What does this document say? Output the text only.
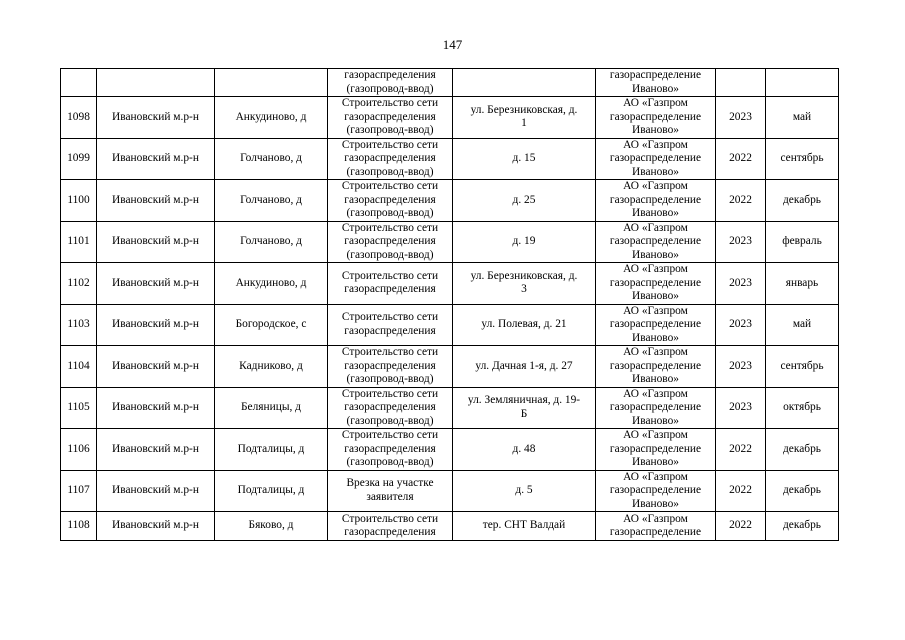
147

			газораспределения
(газопровод-ввод)		газораспределение
Иваново»		

1098	Ивановский м.р-н	Анкудиново, д	Строительство сети
газораспределения
(газопровод-ввод)	ул. Березниковская, д.
1	АО «Газпром
газораспределение
Иваново»	2023	май

1099	Ивановский м.р-н	Голчаново, д	Строительство сети
газораспределения
(газопровод-ввод)	д. 15	АО «Газпром
газораспределение
Иваново»	2022	сентябрь

1100	Ивановский м.р-н	Голчаново, д	Строительство сети
газораспределения
(газопровод-ввод)	д. 25	АО «Газпром
газораспределение
Иваново»	2022	декабрь

1101	Ивановский м.р-н	Голчаново, д	Строительство сети
газораспределения
(газопровод-ввод)	д. 19	АО «Газпром
газораспределение
Иваново»	2023	февраль

1102	Ивановский м.р-н	Анкудиново, д	Строительство сети
газораспределения	ул. Березниковская, д.
3	АО «Газпром
газораспределение
Иваново»	2023	январь

1103	Ивановский м.р-н	Богородское, с	Строительство сети
газораспределения	ул. Полевая, д. 21	АО «Газпром
газораспределение
Иваново»	2023	май

1104	Ивановский м.р-н	Кадниково, д	Строительство сети
газораспределения
(газопровод-ввод)	ул. Дачная 1-я, д. 27	АО «Газпром
газораспределение
Иваново»	2023	сентябрь

1105	Ивановский м.р-н	Беляницы, д	Строительство сети
газораспределения
(газопровод-ввод)	ул. Земляничная, д. 19-
Б	АО «Газпром
газораспределение
Иваново»	2023	октябрь

1106	Ивановский м.р-н	Подталицы, д	Строительство сети
газораспределения
(газопровод-ввод)	д. 48	АО «Газпром
газораспределение
Иваново»	2022	декабрь

1107	Ивановский м.р-н	Подталицы, д	Врезка на участке
заявителя	д. 5	АО «Газпром
газораспределение
Иваново»	2022	декабрь

1108	Ивановский м.р-н	Бяково, д	Строительство сети
газораспределения	тер. СНТ Валдай	АО «Газпром
газораспределение	2022	декабрь
